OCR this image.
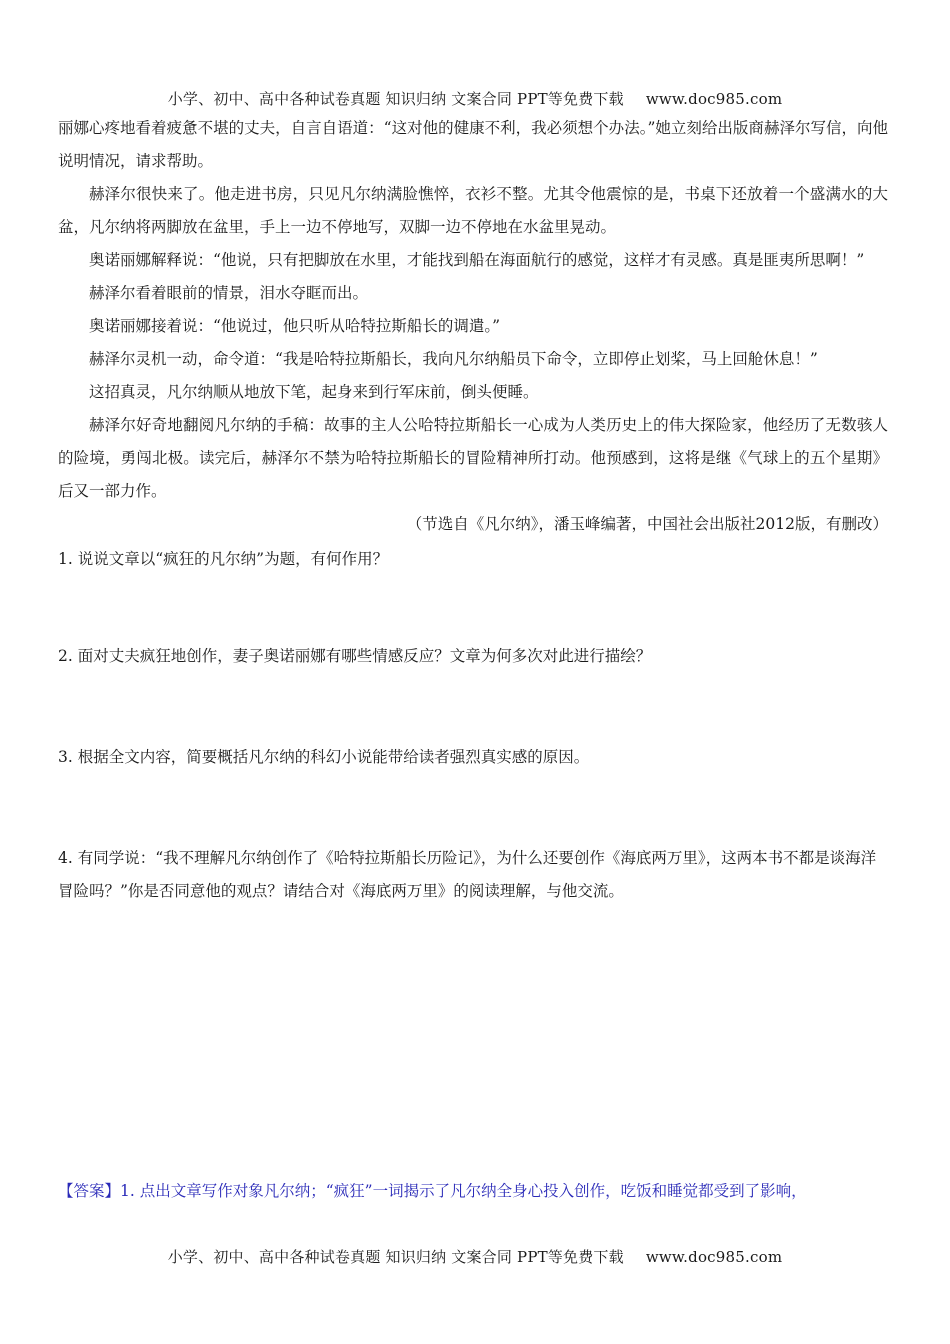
小学、初中、高中各种试卷真题 知识归纳 文案合同 PPT等免费下载 www.doc985.com

丽娜心疼地看着疲惫不堪的丈夫，自言自语道：“这对他的健康不利，我必须想个办法。”她立刻给出版商赫泽尔写信，向他说明情况，请求帮助。

赫泽尔很快来了。他走进书房，只见凡尔纳满脸憔悴，衣衫不整。尤其令他震惊的是，书桌下还放着一个盛满水的大盆，凡尔纳将两脚放在盆里，手上一边不停地写，双脚一边不停地在水盆里晃动。

奥诺丽娜解释说：“他说，只有把脚放在水里，才能找到船在海面航行的感觉，这样才有灵感。真是匪夷所思啊！”

赫泽尔看着眼前的情景，泪水夺眶而出。

奥诺丽娜接着说：“他说过，他只听从哈特拉斯船长的调遣。”

赫泽尔灵机一动，命令道：“我是哈特拉斯船长，我向凡尔纳船员下命令，立即停止划桨，马上回舱休息！”

这招真灵，凡尔纳顺从地放下笔，起身来到行军床前，倒头便睡。

赫泽尔好奇地翻阅凡尔纳的手稿：故事的主人公哈特拉斯船长一心成为人类历史上的伟大探险家，他经历了无数骇人的险境，勇闯北极。读完后，赫泽尔不禁为哈特拉斯船长的冒险精神所打动。他预感到，这将是继《气球上的五个星期》后又一部力作。

（节选自《凡尔纳》，潘玉峰编著，中国社会出版社2012版，有删改）

1. 说说文章以“疯狂的凡尔纳”为题，有何作用？

2. 面对丈夫疯狂地创作，妻子奥诺丽娜有哪些情感反应？文章为何多次对此进行描绘？

3. 根据全文内容，简要概括凡尔纳的科幻小说能带给读者强烈真实感的原因。

4. 有同学说：“我不理解凡尔纳创作了《哈特拉斯船长历险记》，为什么还要创作《海底两万里》，这两本书不都是谈海洋冒险吗？”你是否同意他的观点？请结合对《海底两万里》的阅读理解，与他交流。

【答案】1. 点出文章写作对象凡尔纳；“疯狂”一词揭示了凡尔纳全身心投入创作，吃饭和睡觉都受到了影响，
小学、初中、高中各种试卷真题 知识归纳 文案合同 PPT等免费下载 www.doc985.com
